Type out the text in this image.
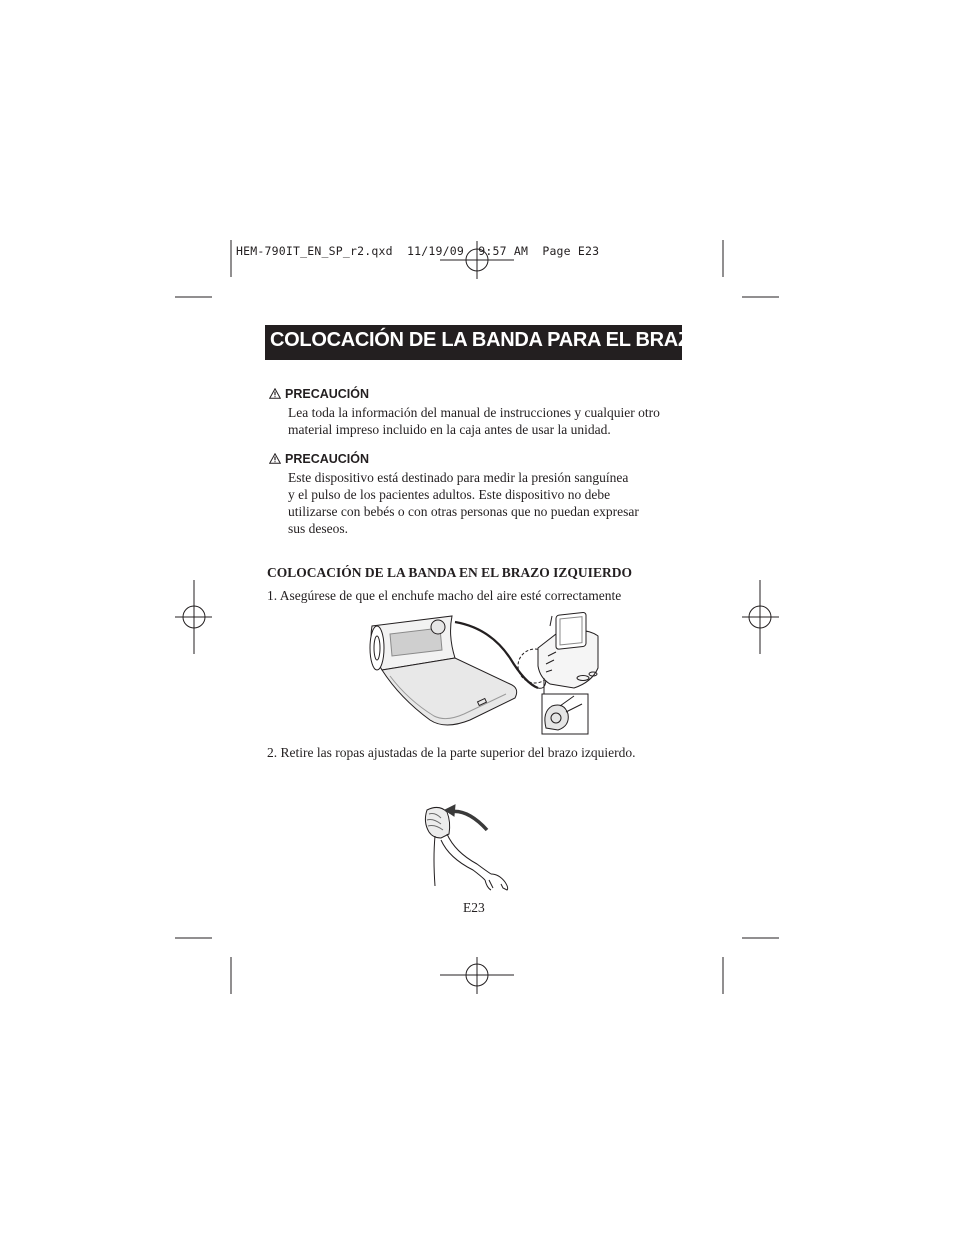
HEM-790IT_EN_SP_r2.qxd  11/19/09  9:57 AM  Page E23
COLOCACIÓN DE LA BANDA PARA EL BRAZO
PRECAUCIÓN
Lea toda la información del manual de instrucciones y cualquier otro
material impreso incluido en la caja antes de usar la unidad.
PRECAUCIÓN
Este dispositivo está destinado para medir la presión sanguínea
y el pulso de los pacientes adultos. Este dispositivo no debe
utilizarse con bebés o con otras personas que no puedan expresar
sus deseos.
COLOCACIÓN DE LA BANDA EN EL BRAZO IZQUIERDO
1. Asegúrese de que el enchufe macho del aire esté correctamente
2. Retire las ropas ajustadas de la parte superior del brazo izquierdo.
E23
